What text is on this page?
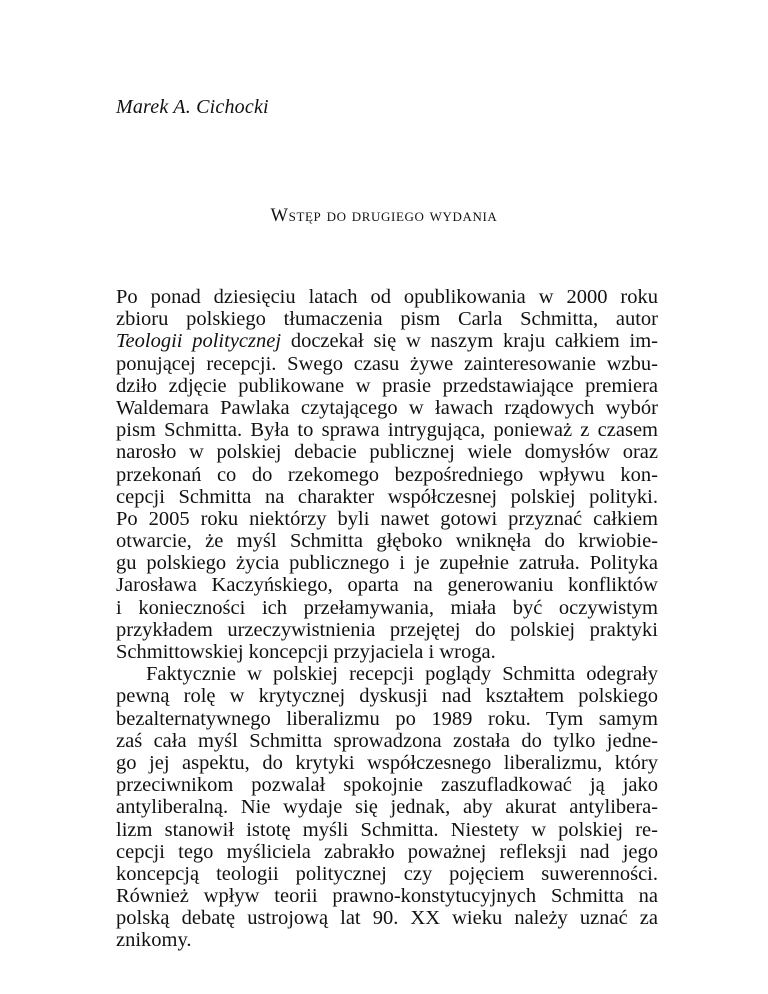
Marek A. Cichocki
Wstęp do drugiego wydania
Po ponad dziesięciu latach od opublikowania w 2000 roku
zbioru polskiego tłumaczenia pism Carla Schmitta, autor
Teologii politycznej doczekał się w naszym kraju całkiem im-
ponującej recepcji. Swego czasu żywe zainteresowanie wzbu-
dziło zdjęcie publikowane w prasie przedstawiające premiera
Waldemara Pawlaka czytającego w ławach rządowych wybór
pism Schmitta. Była to sprawa intrygująca, ponieważ z czasem
narosło w polskiej debacie publicznej wiele domysłów oraz
przekonań co do rzekomego bezpośredniego wpływu kon-
cepcji Schmitta na charakter współczesnej polskiej polityki.
Po 2005 roku niektórzy byli nawet gotowi przyznać całkiem
otwarcie, że myśl Schmitta głęboko wniknęła do krwiobie-
gu polskiego życia publicznego i je zupełnie zatruła. Polityka
Jarosława Kaczyńskiego, oparta na generowaniu konfliktów
i konieczności ich przełamywania, miała być oczywistym
przykładem urzeczywistnienia przejętej do polskiej praktyki
Schmittowskiej koncepcji przyjaciela i wroga.
Faktycznie w polskiej recepcji poglądy Schmitta odegrały
pewną rolę w krytycznej dyskusji nad kształtem polskiego
bezalternatywnego liberalizmu po 1989 roku. Tym samym
zaś cała myśl Schmitta sprowadzona została do tylko jedne-
go jej aspektu, do krytyki współczesnego liberalizmu, który
przeciwnikom pozwalał spokojnie zaszufladkować ją jako
antyliberalną. Nie wydaje się jednak, aby akurat antylibera-
lizm stanowił istotę myśli Schmitta. Niestety w polskiej re-
cepcji tego myśliciela zabrakło poważnej refleksji nad jego
koncepcją teologii politycznej czy pojęciem suwerenności.
Również wpływ teorii prawno-konstytucyjnych Schmitta na
polską debatę ustrojową lat 90. XX wieku należy uznać za
znikomy.
